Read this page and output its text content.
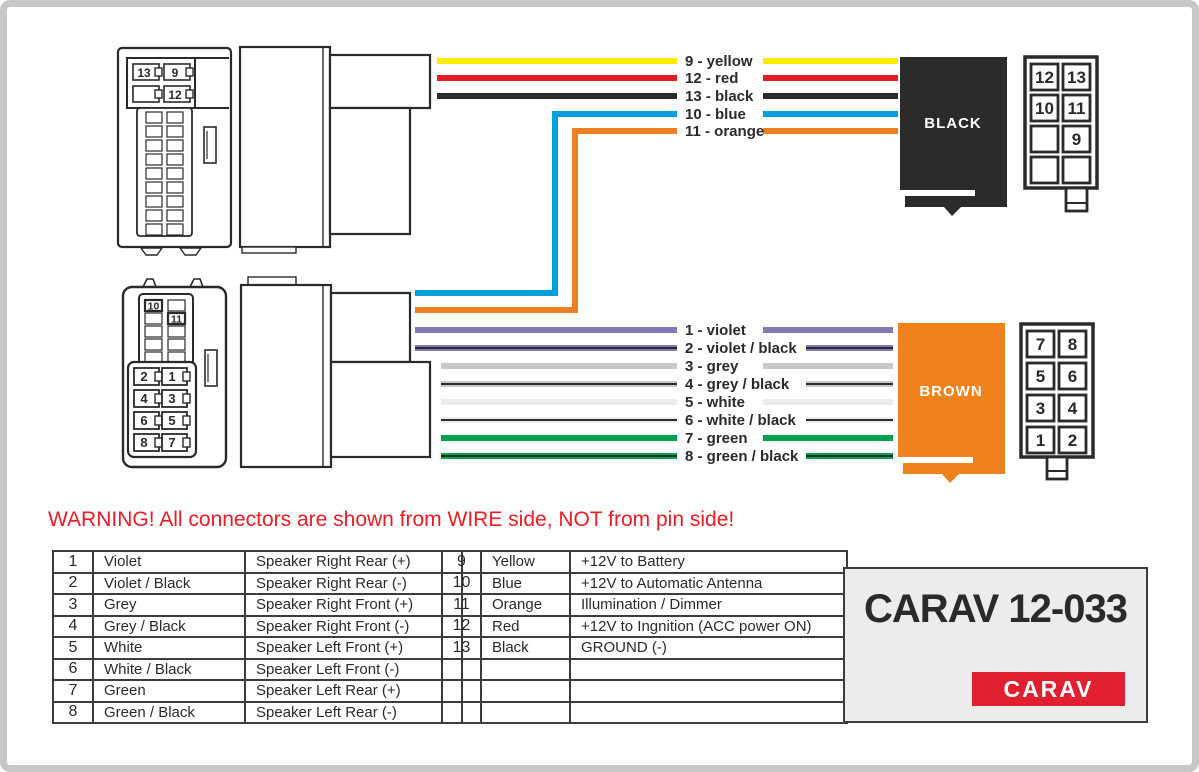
13 9
12
9 - yellow
12 - red
13 - black
10 - blue
11 - orange	BLACK
12 13
10 11
9
10
11
2 1
4 3
6 5
8 7
1 - violet
2 - violet / black
3 - grey
4 - grey / black
5 - white
6 - white / black
7 - green
8 - green / black
BROWN
7 8
5 6
3 4
1 2
WARNING! All connectors are shown from WIRE side, NOT from pin side!
1	Violet	Speaker Right Rear (+)
2	Violet / Black	Speaker Right Rear (-)
3	Grey	Speaker Right Front (+)
4	Grey / Black	Speaker Right Front (-)
5	White	Speaker Left Front (+)
6	White / Black	Speaker Left Front (-)
7	Green	Speaker Left Rear (+)
8	Green / Black	Speaker Left Rear (-)
9	Yellow	+12V to Battery
10	Blue	+12V to Automatic Antenna
11	Orange	Illumination / Dimmer
12	Red	+12V to Ingnition (ACC power ON)
13	Black	GROUND (-)

CARAV 12-033
CARAV
